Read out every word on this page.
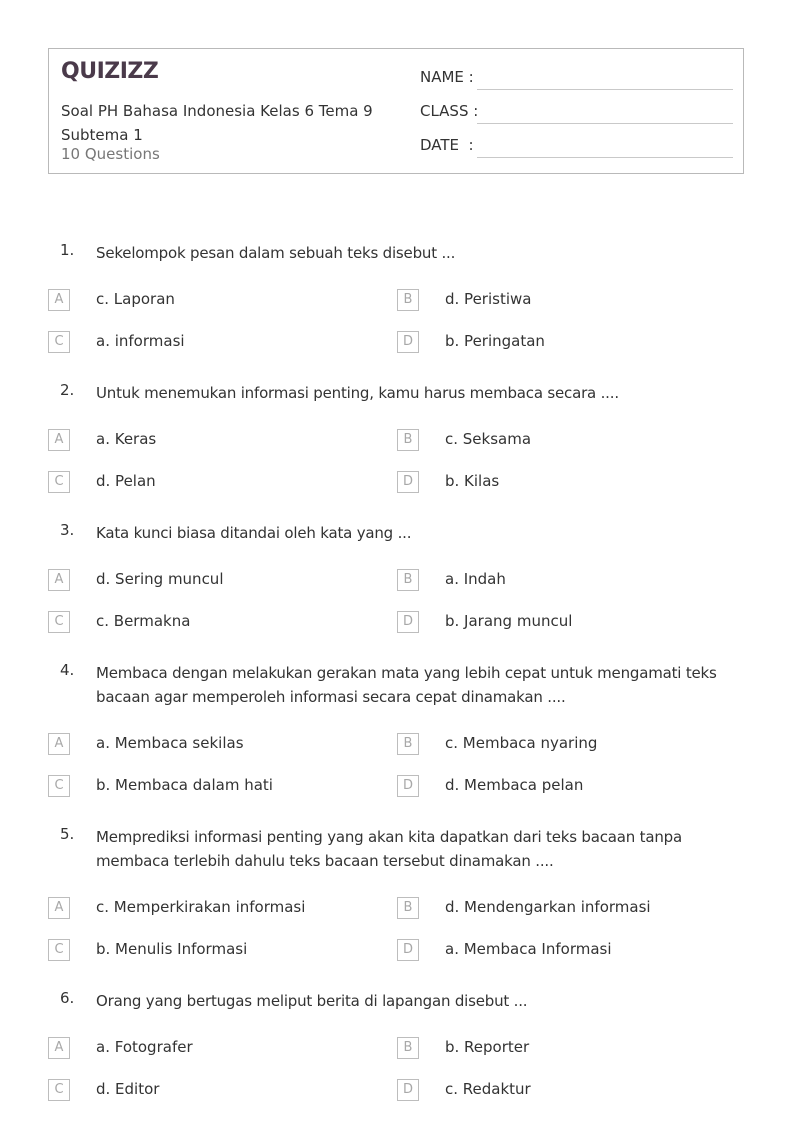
QUIZIZZ
Soal PH Bahasa Indonesia Kelas 6 Tema 9 Subtema 1
10 Questions
NAME :
CLASS :
DATE  :
1. Sekelompok pesan dalam sebuah teks disebut ...
A	c. Laporan	B	d. Peristiwa
C	a. informasi	D	b. Peringatan
2. Untuk menemukan informasi penting, kamu harus membaca secara ....
A	a. Keras	B	c. Seksama
C	d. Pelan	D	b. Kilas
3. Kata kunci biasa ditandai oleh kata yang ...
A	d. Sering muncul	B	a. Indah
C	c. Bermakna	D	b. Jarang muncul
4. Membaca dengan melakukan gerakan mata yang lebih cepat untuk mengamati teks bacaan agar memperoleh informasi secara cepat dinamakan ....
A	a. Membaca sekilas	B	c. Membaca nyaring
C	b. Membaca dalam hati	D	d. Membaca pelan
5. Memprediksi informasi penting yang akan kita dapatkan dari teks bacaan tanpa membaca terlebih dahulu teks bacaan tersebut dinamakan ....
A	c. Memperkirakan informasi	B	d. Mendengarkan informasi
C	b. Menulis Informasi	D	a. Membaca Informasi
6. Orang yang bertugas meliput berita di lapangan disebut ...
A	a. Fotografer	B	b. Reporter
C	d. Editor	D	c. Redaktur
